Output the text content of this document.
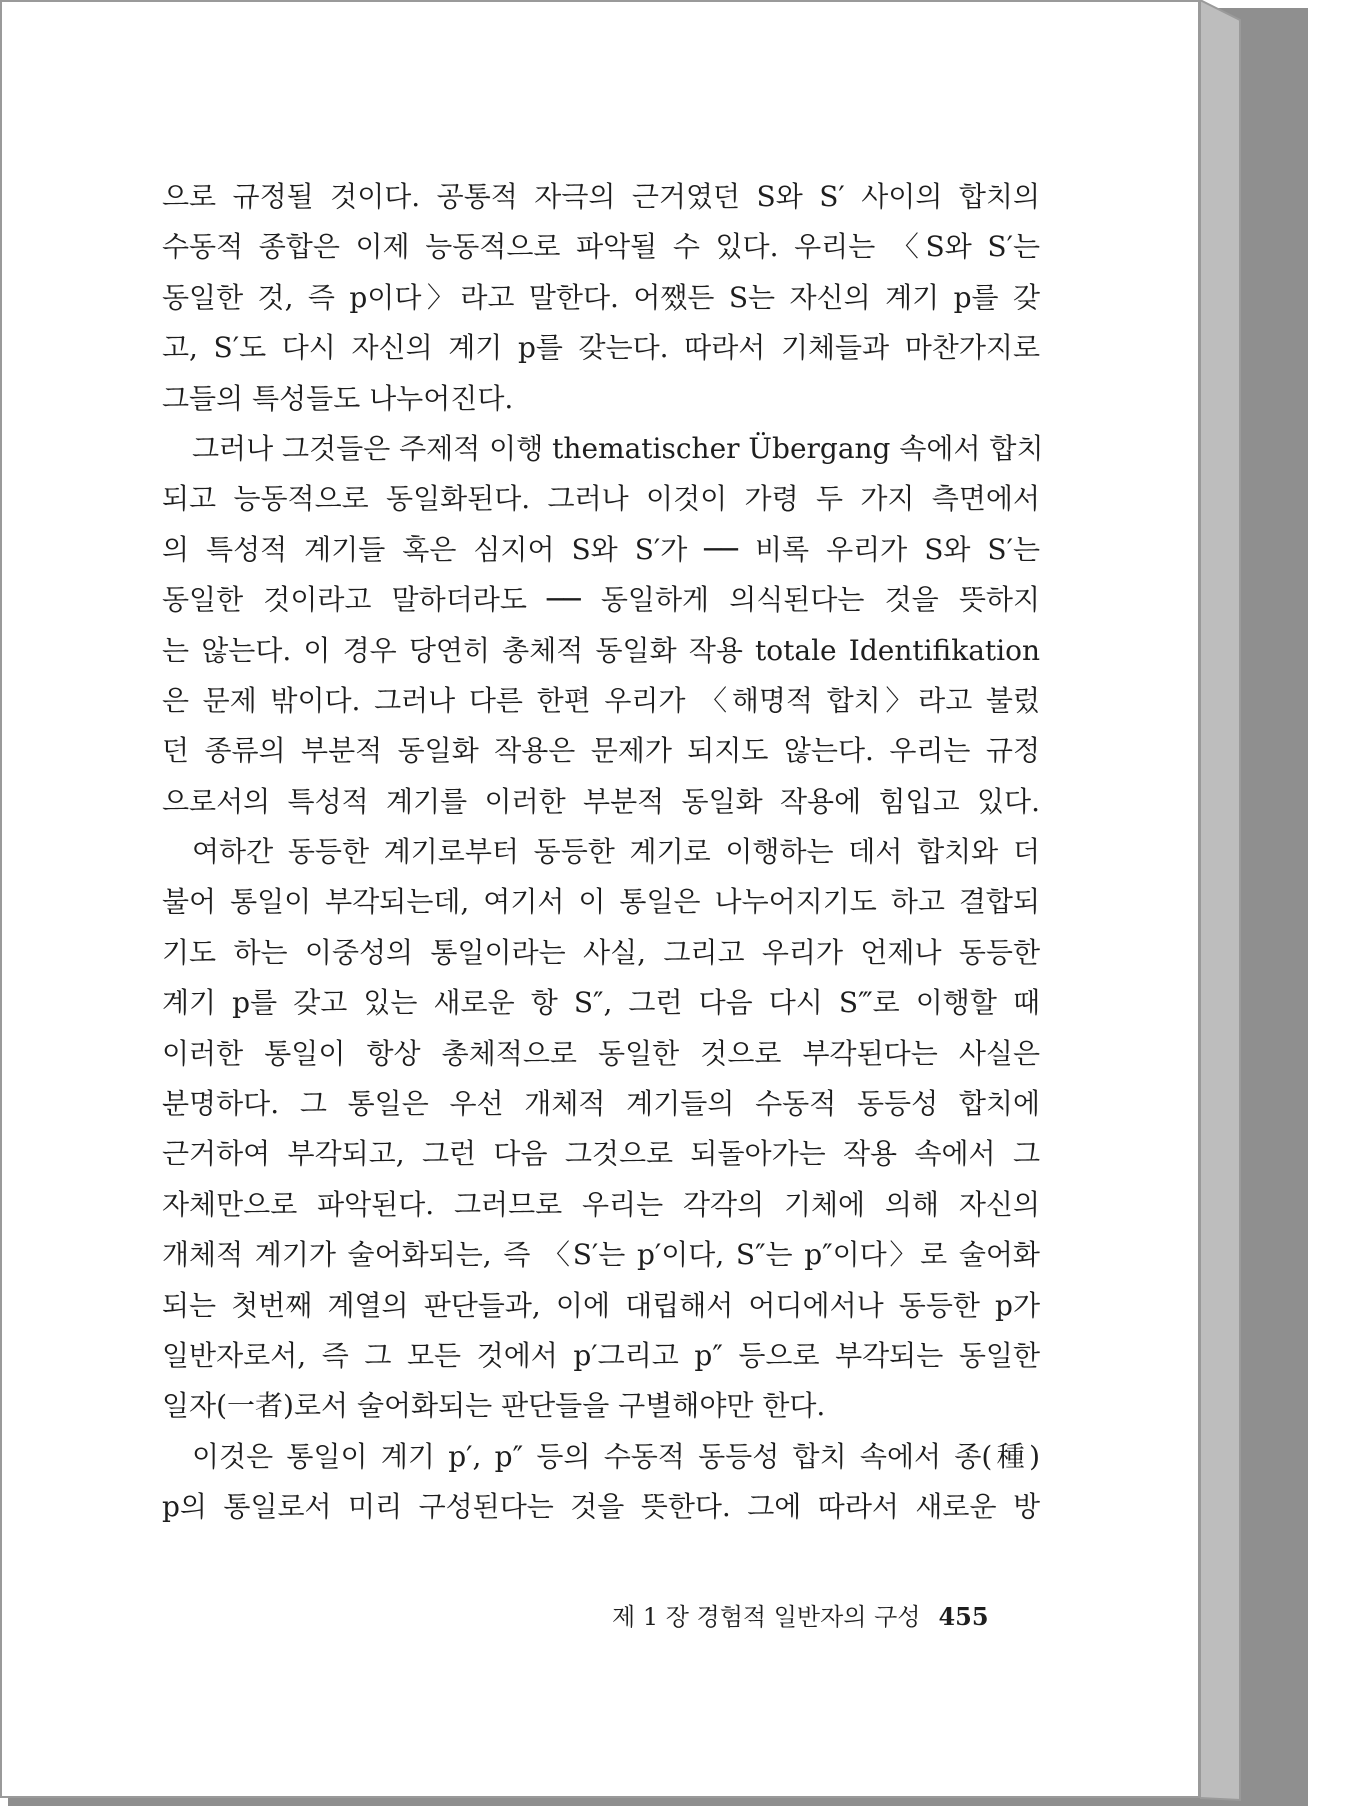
으로 규정될 것이다. 공통적 자극의 근거였던 S와 S′ 사이의 합치의
수동적 종합은 이제 능동적으로 파악될 수 있다. 우리는 〈S와 S′는
동일한 것, 즉 p이다〉라고 말한다. 어쨌든 S는 자신의 계기 p를 갖
고, S′도 다시 자신의 계기 p를 갖는다. 따라서 기체들과 마찬가지로
그들의 특성들도 나누어진다.
그러나 그것들은 주제적 이행 thematischer Übergang 속에서 합치
되고 능동적으로 동일화된다. 그러나 이것이 가령 두 가지 측면에서
의 특성적 계기들 혹은 심지어 S와 S′가 ── 비록 우리가 S와 S′는
동일한 것이라고 말하더라도 ── 동일하게 의식된다는 것을 뜻하지
는 않는다. 이 경우 당연히 총체적 동일화 작용 totale Identifikation
은 문제 밖이다. 그러나 다른 한편 우리가 〈해명적 합치〉라고 불렀
던 종류의 부분적 동일화 작용은 문제가 되지도 않는다. 우리는 규정
으로서의 특성적 계기를 이러한 부분적 동일화 작용에 힘입고 있다.
여하간 동등한 계기로부터 동등한 계기로 이행하는 데서 합치와 더
불어 통일이 부각되는데, 여기서 이 통일은 나누어지기도 하고 결합되
기도 하는 이중성의 통일이라는 사실, 그리고 우리가 언제나 동등한
계기 p를 갖고 있는 새로운 항 S″, 그런 다음 다시 S‴로 이행할 때
이러한 통일이 항상 총체적으로 동일한 것으로 부각된다는 사실은
분명하다. 그 통일은 우선 개체적 계기들의 수동적 동등성 합치에
근거하여 부각되고, 그런 다음 그것으로 되돌아가는 작용 속에서 그
자체만으로 파악된다. 그러므로 우리는 각각의 기체에 의해 자신의
개체적 계기가 술어화되는, 즉 〈S′는 p′이다, S″는 p″이다〉로 술어화
되는 첫번째 계열의 판단들과, 이에 대립해서 어디에서나 동등한 p가
일반자로서, 즉 그 모든 것에서 p′그리고 p″ 등으로 부각되는 동일한
일자(一者)로서 술어화되는 판단들을 구별해야만 한다.
이것은 통일이 계기 p′, p″ 등의 수동적 동등성 합치 속에서 종(種)
p의 통일로서 미리 구성된다는 것을 뜻한다. 그에 따라서 새로운 방
제 1 장 경험적 일반자의 구성 455
